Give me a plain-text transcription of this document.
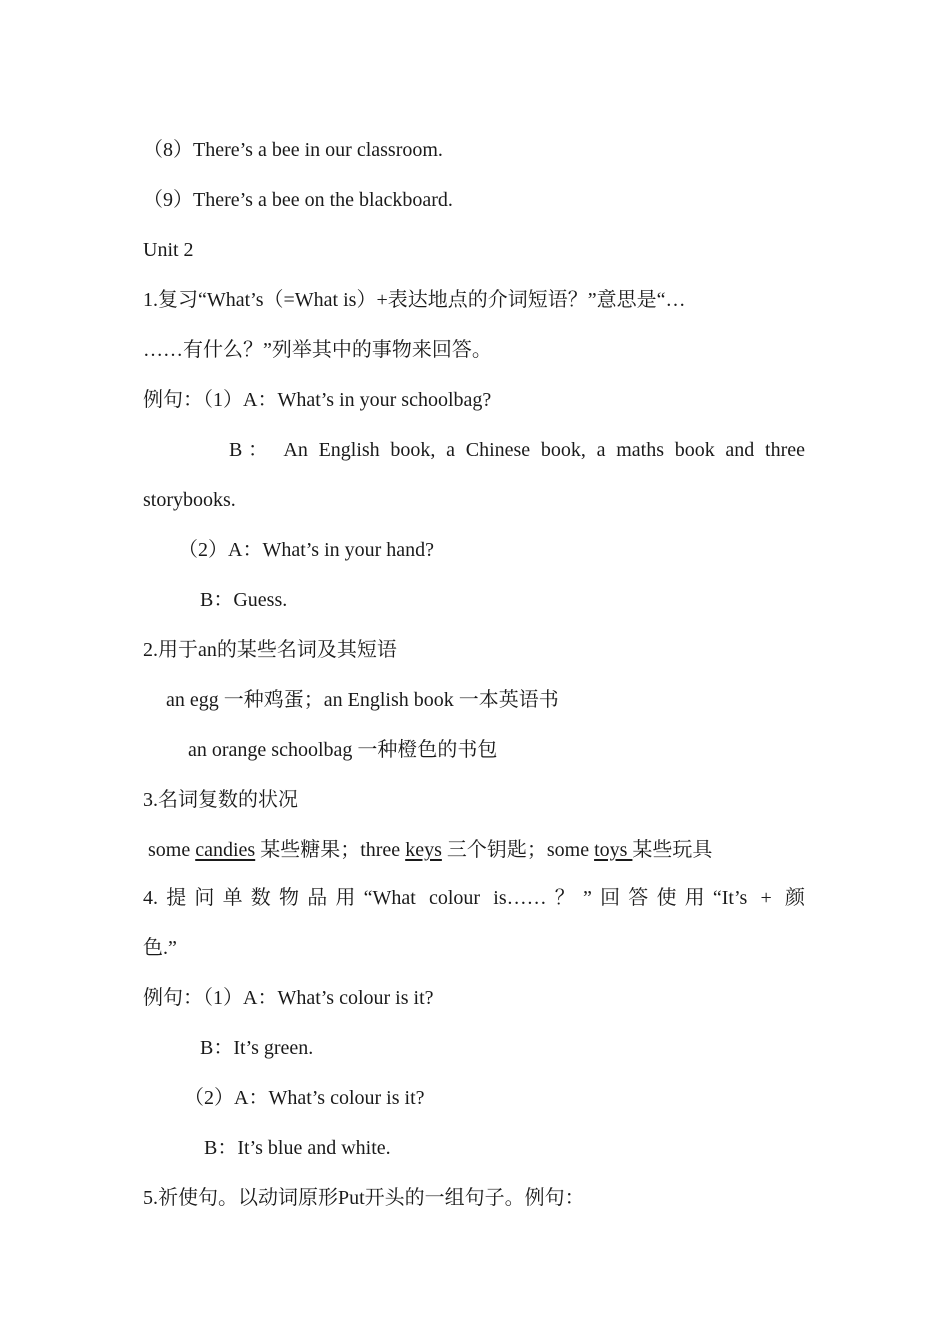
（8）There’s a bee in our classroom.
（9）There’s a bee on the blackboard.
Unit 2
1.复习“What’s（=What is）+表达地点的介词短语？”意思是“…
……有什么？”列举其中的事物来回答。
例句：（1）A：What’s in your schoolbag?
B： An English book, a Chinese book, a maths book and three
storybooks.
（2）A：What’s in your hand?
B：Guess.
2.用于an的某些名词及其短语
an egg 一种鸡蛋；an English book 一本英语书
an orange schoolbag 一种橙色的书包
3.名词复数的状况
some candies 某些糖果；three keys 三个钥匙；some toys 某些玩具
4.提问单数物品用“What colour is……？”回答使用“It’s + 颜
色.”
例句：（1）A：What’s colour is it?
B：It’s green.
（2）A：What’s colour is it?
B：It’s blue and white.
5.祈使句。以动词原形Put开头的一组句子。例句：
